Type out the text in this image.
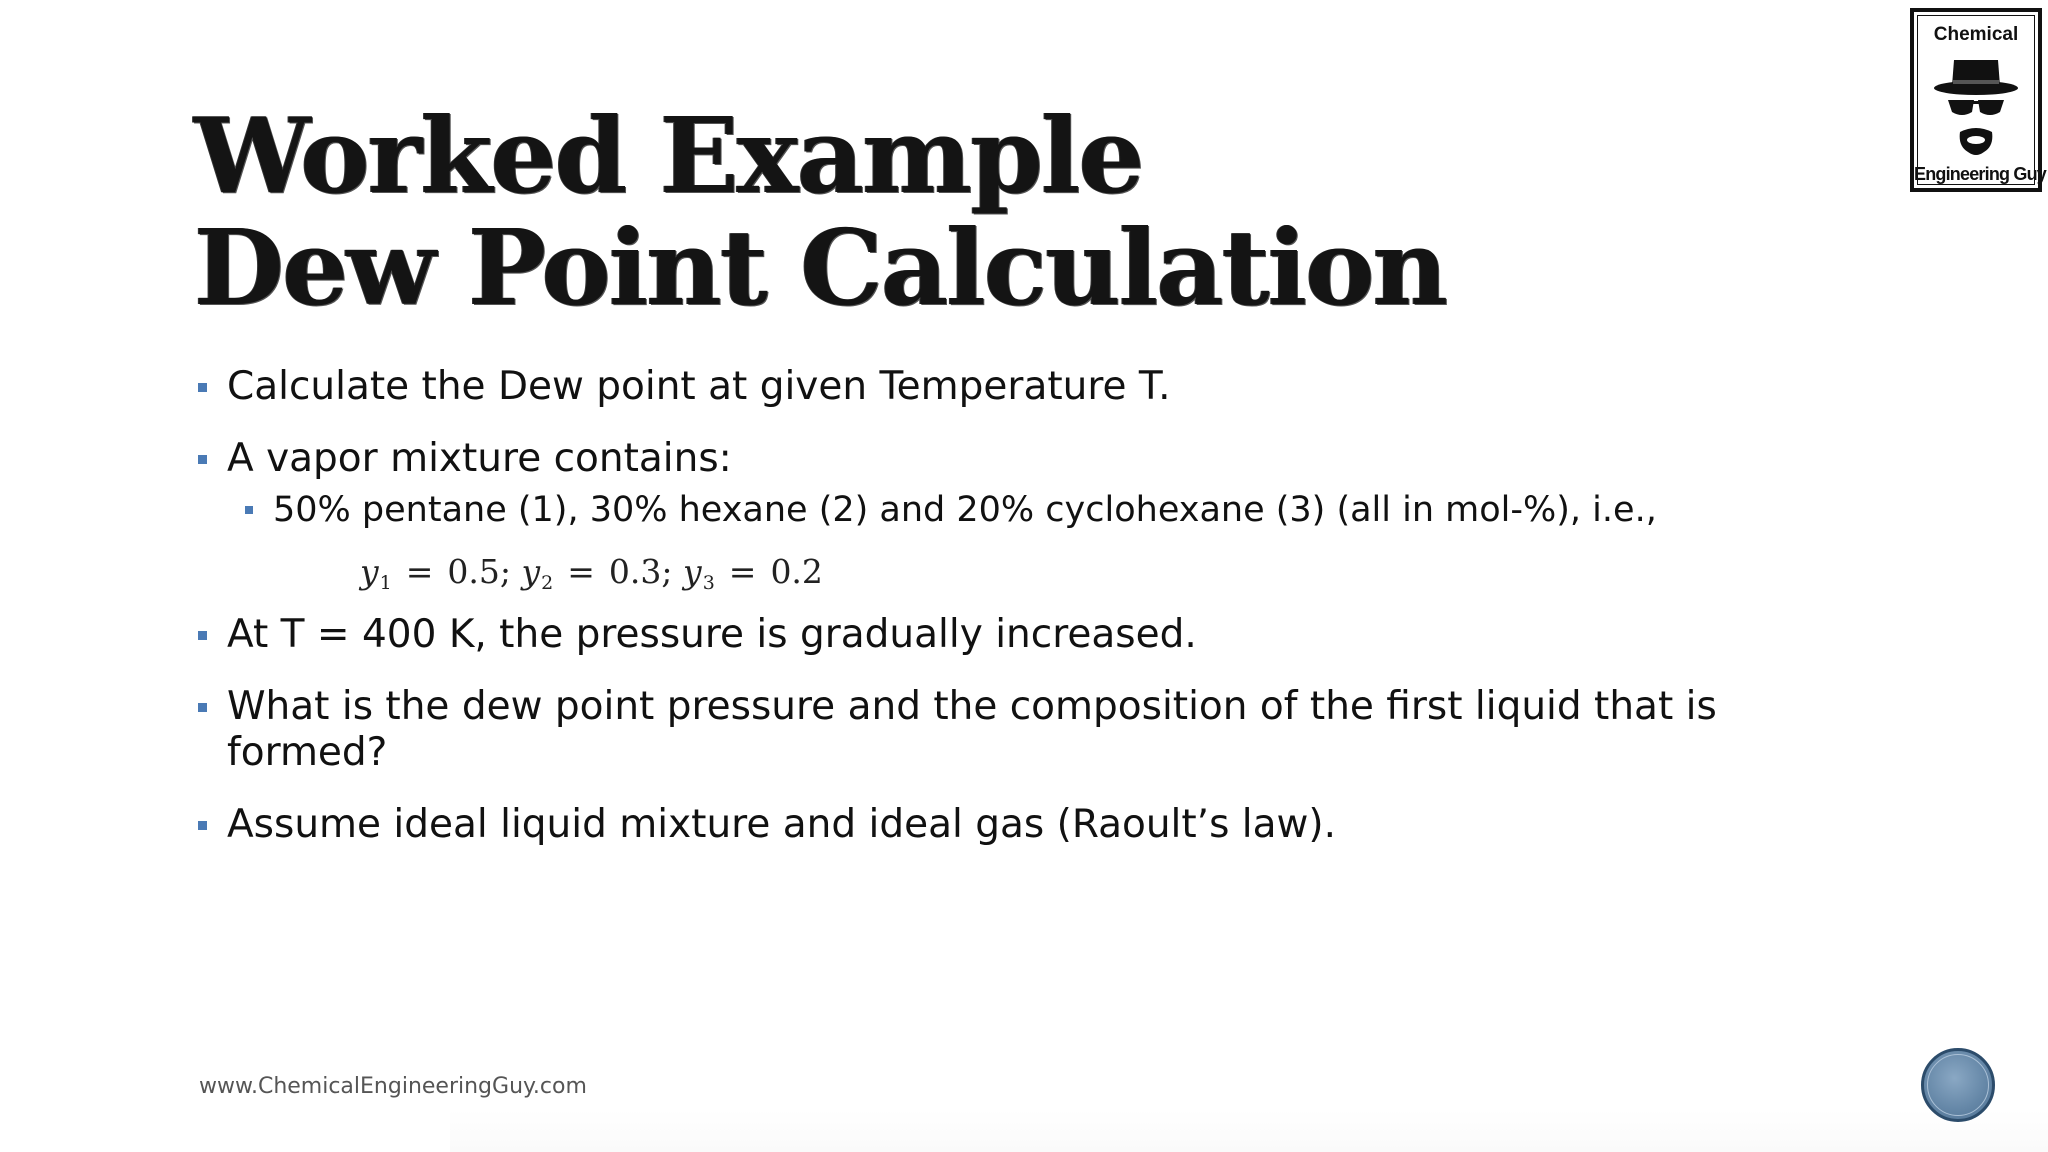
Worked Example
Dew Point Calculation
Chemical
Engineering Guy
Calculate the Dew point at given Temperature T.
A vapor mixture contains:
50% pentane (1), 30% hexane (2) and 20% cyclohexane (3) (all in mol-%), i.e.,
$y_1 = 0.5$; $y_2 = 0.3$; $y_3 = 0.2$
At T = 400 K, the pressure is gradually increased.
What is the dew point pressure and the composition of the first liquid that is
formed?
Assume ideal liquid mixture and ideal gas (Raoult’s law).
www.ChemicalEngineeringGuy.com
